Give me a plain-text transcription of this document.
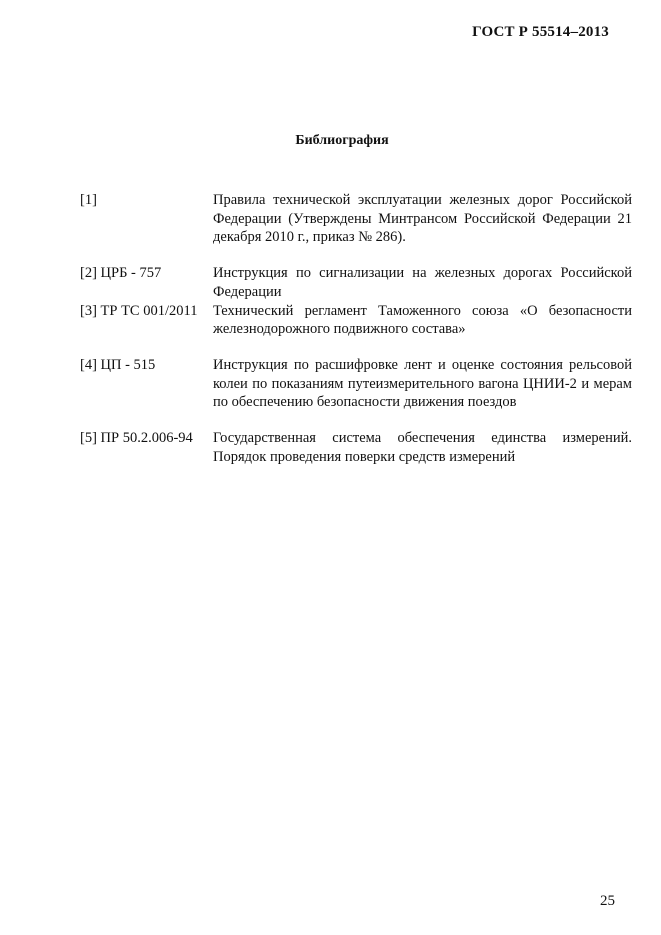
ГОСТ Р 55514–2013
Библиография
[1]	Правила технической эксплуатации железных дорог Российской Федерации (Утверждены Минтрансом Российской Федерации 21 декабря 2010 г., приказ № 286).
[2] ЦРБ - 757	Инструкция по сигнализации на железных дорогах Российской Федерации
[3] ТР ТС 001/2011	Технический регламент Таможенного союза «О безопасности железнодорожного подвижного состава»
[4] ЦП - 515	Инструкция по расшифровке лент и оценке состояния рельсовой колеи по показаниям путеизмерительного вагона ЦНИИ-2 и мерам по обеспечению безопасности движения поездов
[5] ПР 50.2.006-94	Государственная система обеспечения единства измерений. Порядок проведения поверки средств измерений
25
